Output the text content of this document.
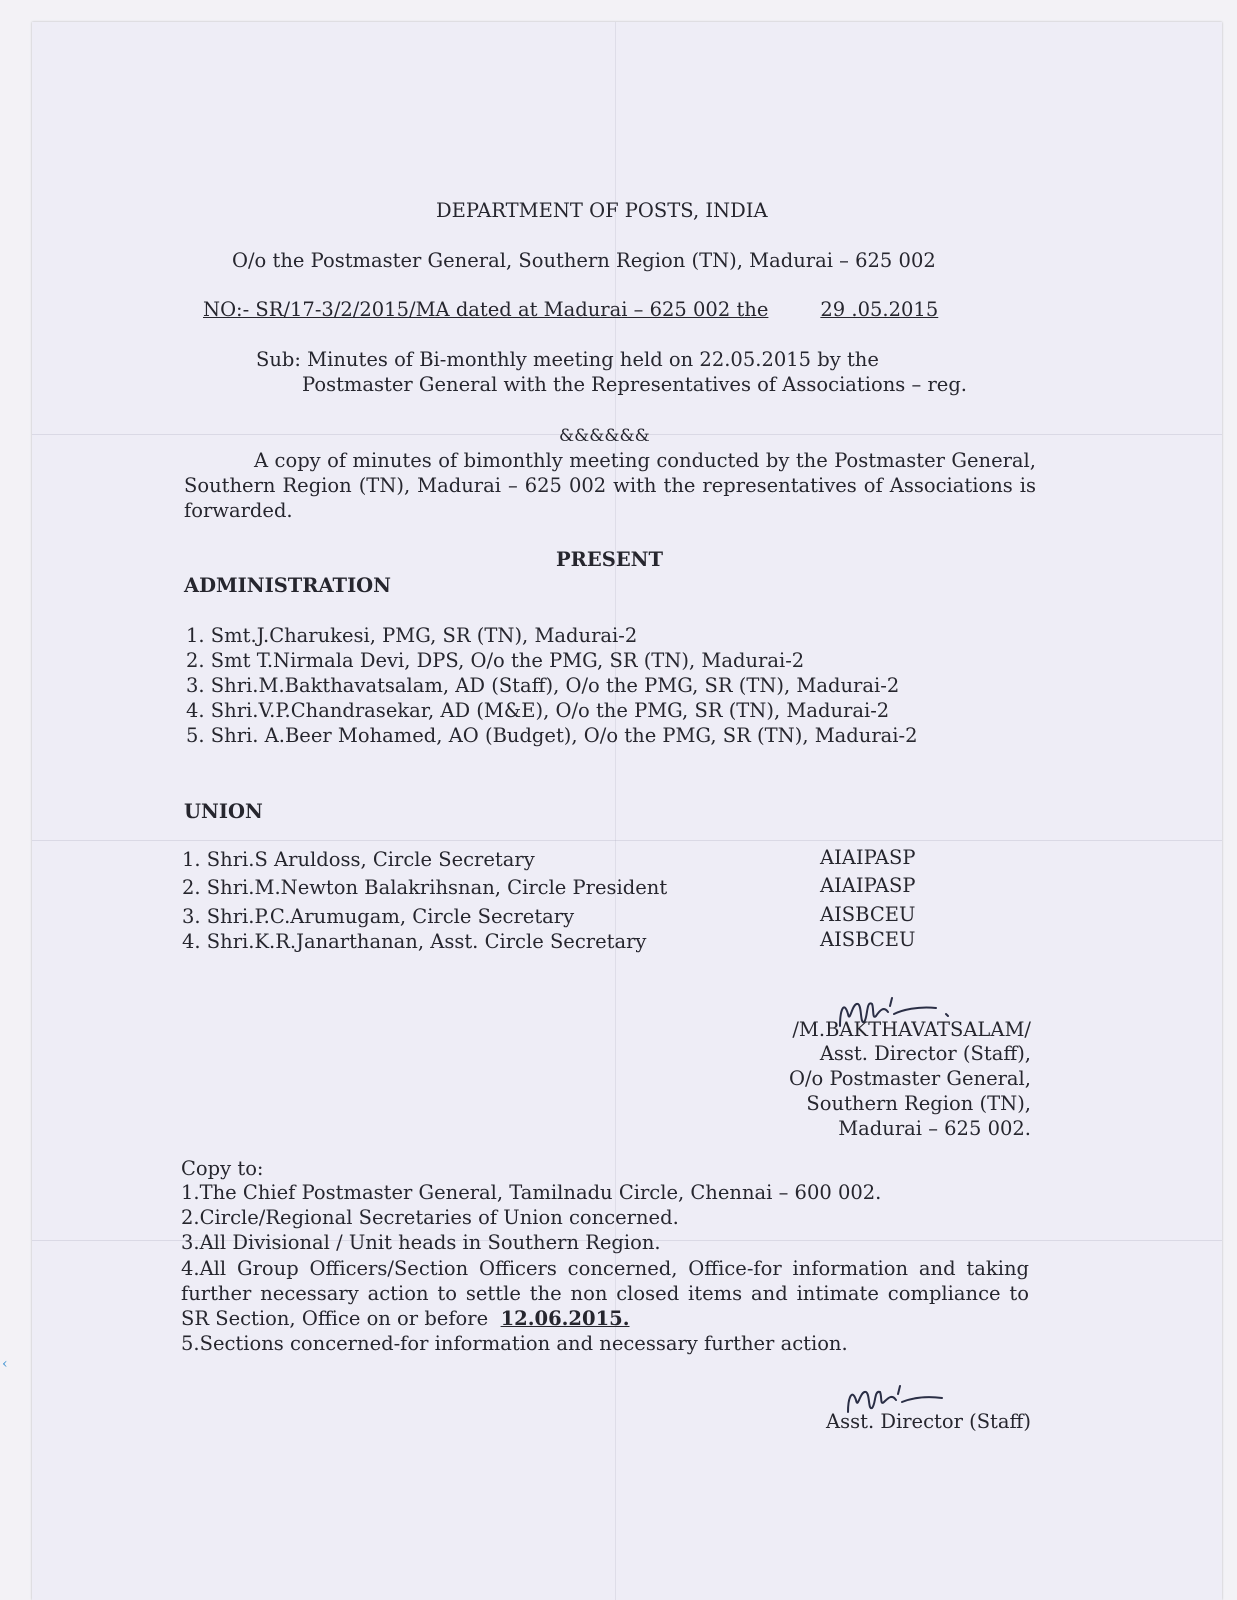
DEPARTMENT OF POSTS, INDIA
O/o the Postmaster General, Southern Region (TN), Madurai – 625 002
NO:- SR/17-3/2/2015/MA dated at Madurai – 625 002 the	29 .05.2015
Sub: Minutes of Bi-monthly meeting held on 22.05.2015 by the
Postmaster General with the Representatives of Associations – reg.
&&&&&&
A copy of minutes of bimonthly meeting conducted by the Postmaster General, Southern Region (TN), Madurai – 625 002 with the representatives of Associations is forwarded.
PRESENT
ADMINISTRATION
1. Smt.J.Charukesi, PMG, SR (TN), Madurai-2
2. Smt T.Nirmala Devi, DPS, O/o the PMG, SR (TN), Madurai-2
3. Shri.M.Bakthavatsalam, AD (Staff), O/o the PMG, SR (TN), Madurai-2
4. Shri.V.P.Chandrasekar, AD (M&E), O/o the PMG, SR (TN), Madurai-2
5. Shri. A.Beer Mohamed, AO (Budget), O/o the PMG, SR (TN), Madurai-2
UNION
1. Shri.S Aruldoss, Circle Secretary	AIAIPASP
2. Shri.M.Newton Balakrihsnan, Circle President	AIAIPASP
3. Shri.P.C.Arumugam, Circle Secretary	AISBCEU
4. Shri.K.R.Janarthanan, Asst. Circle Secretary	AISBCEU
/M.BAKTHAVATSALAM/
Asst. Director (Staff),
O/o Postmaster General,
Southern Region (TN),
Madurai – 625 002.
Copy to:
1.The Chief Postmaster General, Tamilnadu Circle, Chennai – 600 002.
2.Circle/Regional Secretaries of Union concerned.
3.All Divisional / Unit heads in Southern Region.
4.All Group Officers/Section Officers concerned, Office-for information and taking further necessary action to settle the non closed items and intimate compliance to SR Section, Office on or before 12.06.2015.
5.Sections concerned-for information and necessary further action.
Asst. Director (Staff)
‹
